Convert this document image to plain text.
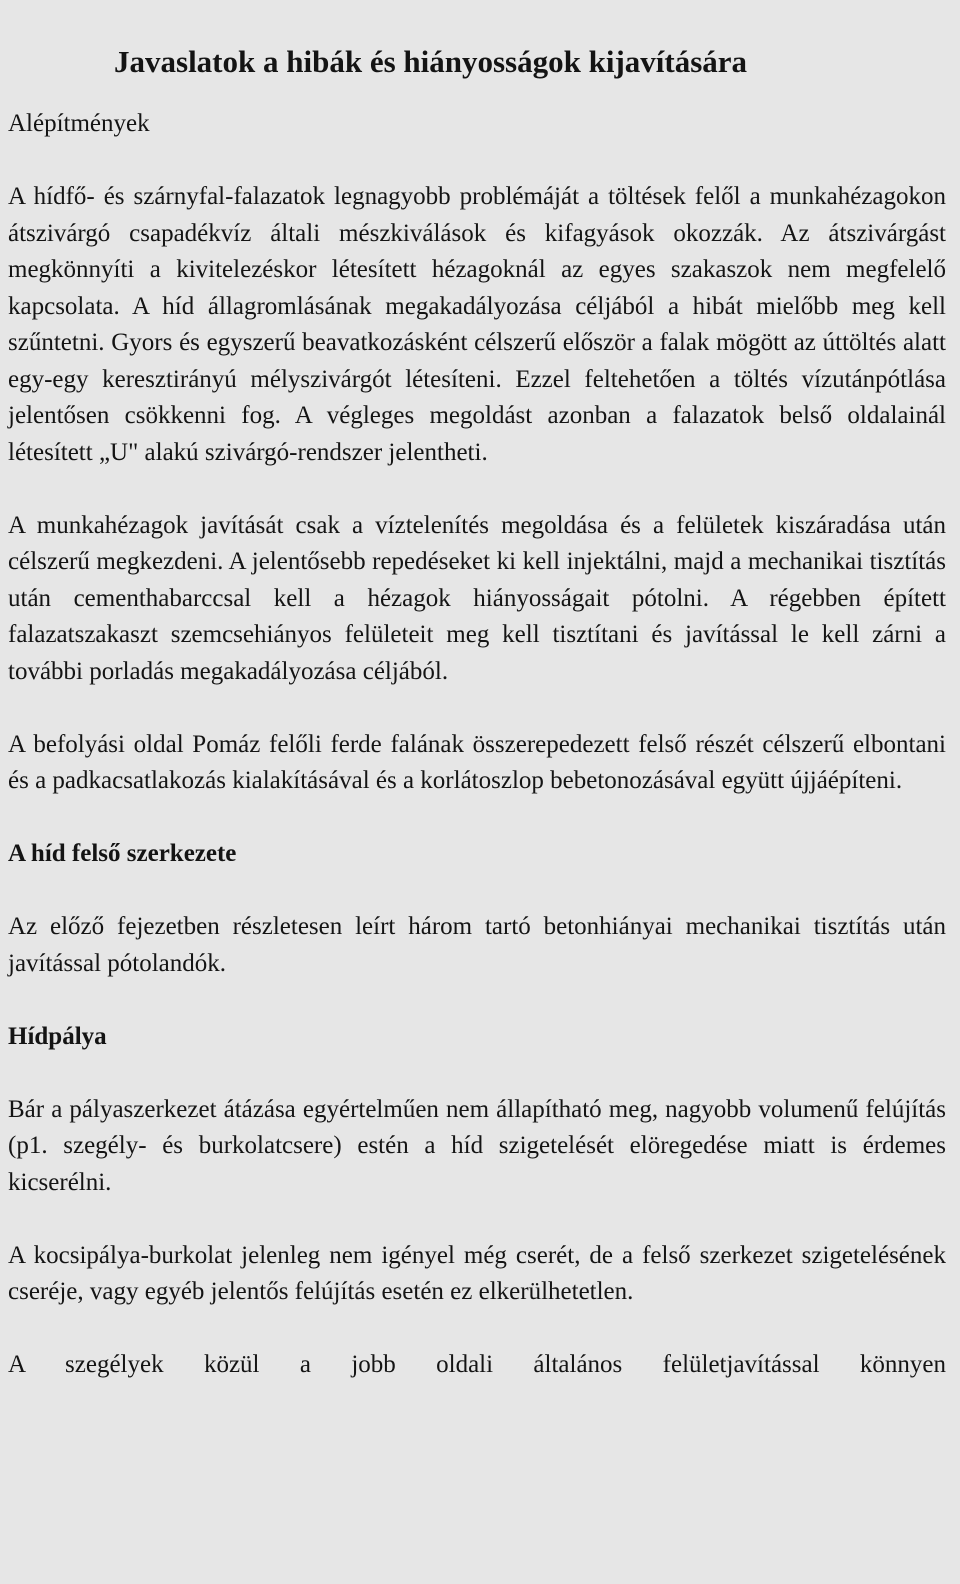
Javaslatok a hibák és hiányosságok kijavítására
Alépítmények

A hídfő- és szárnyfal-falazatok legnagyobb problémáját a töltések felől a munkahézagokon átszivárgó csapadékvíz általi mészkiválások és kifagyások okozzák. Az átszivárgást megkönnyíti a kivitelezéskor létesített hézagoknál az egyes szakaszok nem megfelelő kapcsolata. A híd állagromlásának megakadályozása céljából a hibát mielőbb meg kell szűntetni. Gyors és egyszerű beavatkozásként célszerű először a falak mögött az úttöltés alatt egy-egy keresztirányú mélyszivárgót létesíteni. Ezzel feltehetően a töltés vízutánpótlása jelentősen csökkenni fog. A végleges megoldást azonban a falazatok belső oldalainál létesített „U" alakú szivárgó-rendszer jelentheti.

A munkahézagok javítását csak a víztelenítés megoldása és a felületek kiszáradása után célszerű megkezdeni. A jelentősebb repedéseket ki kell injektálni, majd a mechanikai tisztítás után cementhabarccsal kell a hézagok hiányosságait pótolni. A régebben épített falazatszakaszt szemcsehiányos felületeit meg kell tisztítani és javítással le kell zárni a további porladás megakadályozása céljából.

A befolyási oldal Pomáz felőli ferde falának összerepedezett felső részét célszerű elbontani és a padkacsatlakozás kialakításával és a korlátoszlop bebetonozásával együtt újjáépíteni.

A híd felső szerkezete

Az előző fejezetben részletesen leírt három tartó betonhiányai mechanikai tisztítás után javítással pótolandók.

Hídpálya

Bár a pályaszerkezet átázása egyértelműen nem állapítható meg, nagyobb volumenű felújítás (p1. szegély- és burkolatcsere) estén a híd szigetelését elöregedése miatt is érdemes kicserélni.

A kocsipálya-burkolat jelenleg nem igényel még cserét, de a felső szerkezet szigetelésének cseréje, vagy egyéb jelentős felújítás esetén ez elkerülhetetlen.

A szegélyek közül a jobb oldali általános felületjavítással könnyen
